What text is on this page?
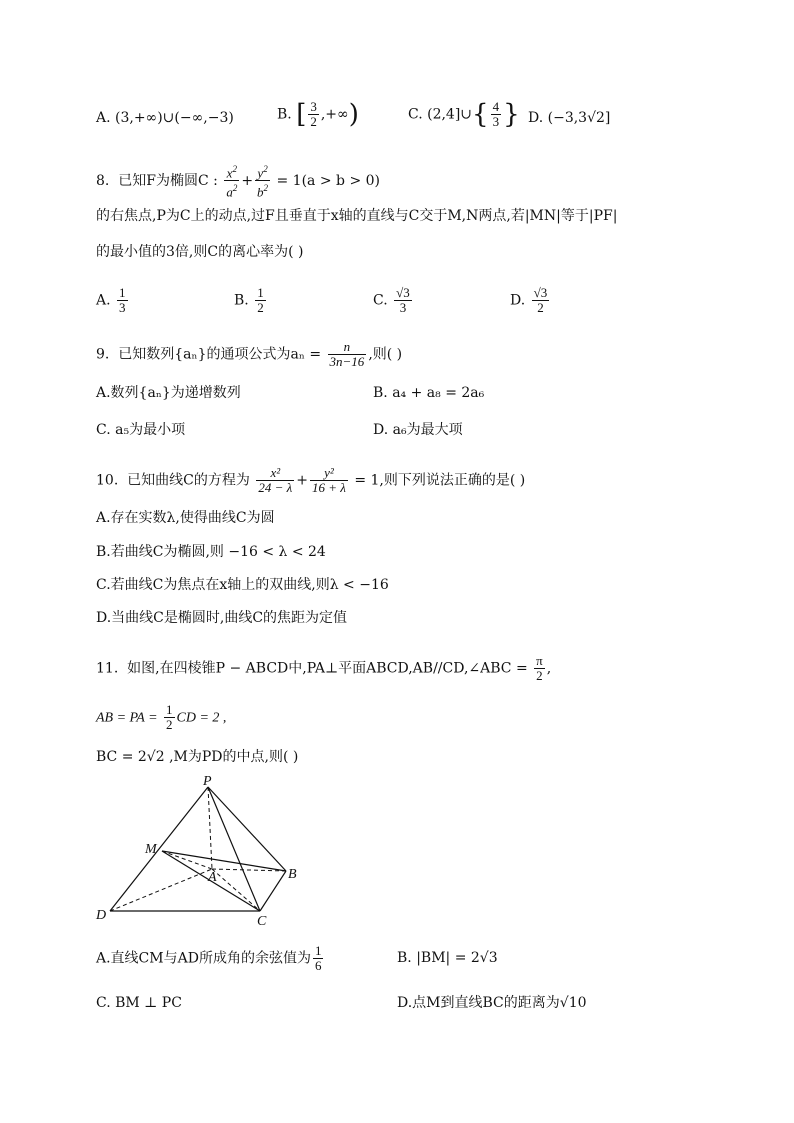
A. (3,+∞)∪(−∞,−3)	B. [ $\frac{3}{2}$ ,+∞)	C. (2,4]∪{ $\frac{4}{3}$ } D. (−3,3√2]
8. 已知F为椭圆C : $\frac{x^2}{a^2} + \frac{y^2}{b^2} = 1(a > b > 0)$
的右焦点,P为C上的动点,过F且垂直于x轴的直线与C交于M,N两点,若|MN|等于|PF|
的最小值的3倍,则C的离心率为( )
A. $\frac{1}{3}$	B. $\frac{1}{2}$	C. $\frac{√3}{3}$	D. $\frac{√3}{2}$
9. 已知数列{aₙ}的通项公式为$a_n = \frac{n}{3n-16}$ ,则( )
A.数列{aₙ}为递增数列	B. a₄ + a₈ = 2a₆
C. a₅为最小项	D. a₆为最大项
10. 已知曲线C的方程为 $\frac{\text{x²}}{24 - \lambda} + \frac{\text{y²}}{16 + \lambda} = 1$,则下列说法正确的是( )
A.存在实数λ,使得曲线C为圆
B.若曲线C为椭圆,则 −16 < λ < 24
C.若曲线C为焦点在x轴上的双曲线,则λ < −16
D.当曲线C是椭圆时,曲线C的焦距为定值
11. 如图,在四棱锥P − ABCD中,PA⊥平面ABCD,AB//CD,∠ABC = $\frac{\pi}{2}$ ,
AB = PA = $\frac{1}{2}$ CD = 2 ,
BC = 2√2 ,M为PD的中点,则( )
P
M
A	B
C
D
A.直线CM与AD所成角的余弦值为 $\frac{1}{6}$	B. |BM| = 2√3
C. BM ⊥ PC	D.点M到直线BC的距离为√10
